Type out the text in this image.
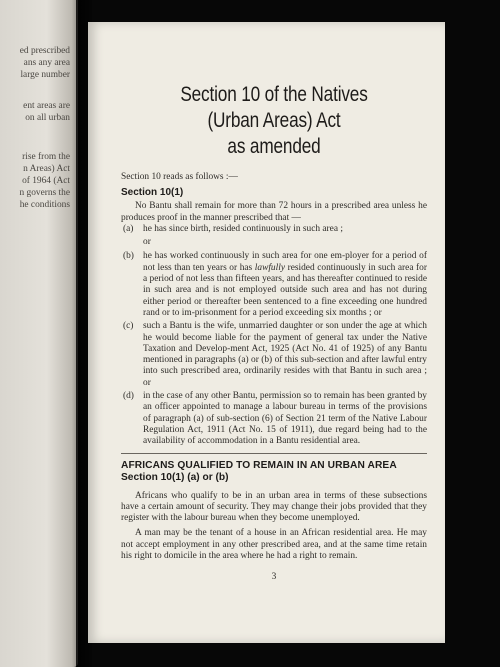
ed prescribed
ans any area
large number
ent areas are
on all urban
rise from the
n Areas) Act
of 1964 (Act
n governs the
he conditions
Section 10 of the Natives
(Urban Areas) Act
as amended
Section 10 reads as follows :—
Section 10(1)

No Bantu shall remain for more than 72 hours in a prescribed area unless he produces proof in the manner prescribed that —

(a)	he has since birth, resided continuously in such area ;
or
(b) he has worked continuously in such area for one em-ployer for a period of not less than ten years or has lawfully resided continuously in such area for a period of not less than fifteen years, and has thereafter continued to reside in such area and is not employed outside such area and has not during either period or thereafter been sentenced to a fine exceeding one hundred rand or to im-prisonment for a period exceeding six months ; or
(c)	such a Bantu is the wife, unmarried daughter or son under the age at which he would become liable for the payment of general tax under the Native Taxation and Develop-ment Act, 1925 (Act No. 41 of 1925) of any Bantu mentioned in paragraphs (a) or (b) of this sub-section and after lawful entry into such prescribed area, ordinarily resides with that Bantu in such area ; or
(d) in the case of any other Bantu, permission so to remain has been granted by an officer appointed to manage a labour bureau in terms of the provisions of paragraph (a) of sub-section (6) of Section 21 term of the Native Labour Regulation Act, 1911 (Act No. 15 of 1911), due regard being had to the availability of accommodation in a Bantu residential area.
AFRICANS QUALIFIED TO REMAIN IN AN URBAN AREA
Section 10(1) (a) or (b)

Africans who qualify to be in an urban area in terms of these subsections have a certain amount of security. They may change their jobs provided that they register with the labour bureau when they become unemployed.

A man may be the tenant of a house in an African residential area. He may not accept employment in any other prescribed area, and at the same time retain his right to domicile in the area where he had a right to remain.

3
